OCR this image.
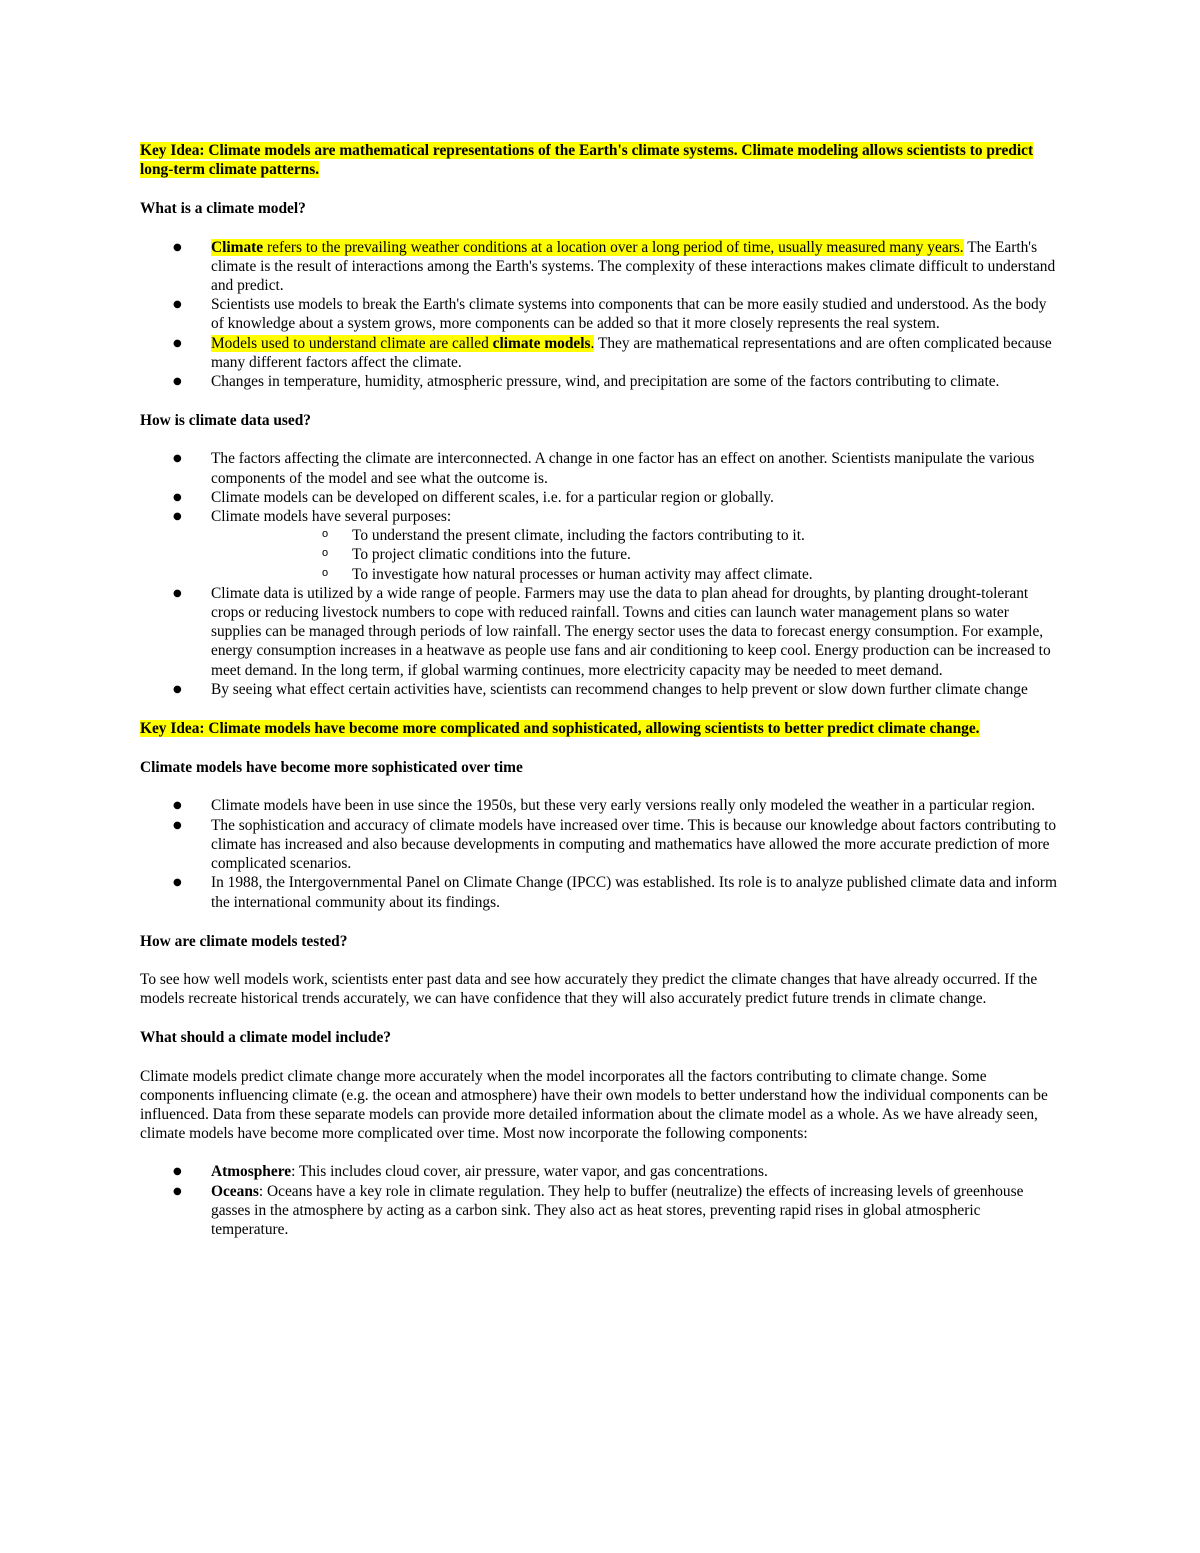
Key Idea: Climate models are mathematical representations of the Earth's climate systems. Climate modeling allows scientists to predict long-term climate patterns.

What is a climate model?

● Climate refers to the prevailing weather conditions at a location over a long period of time, usually measured many years. The Earth's climate is the result of interactions among the Earth's systems. The complexity of these interactions makes climate difficult to understand and predict.
● Scientists use models to break the Earth's climate systems into components that can be more easily studied and understood. As the body of knowledge about a system grows, more components can be added so that it more closely represents the real system.
● Models used to understand climate are called climate models. They are mathematical representations and are often complicated because many different factors affect the climate.
● Changes in temperature, humidity, atmospheric pressure, wind, and precipitation are some of the factors contributing to climate.

How is climate data used?

● The factors affecting the climate are interconnected. A change in one factor has an effect on another. Scientists manipulate the various components of the model and see what the outcome is.
● Climate models can be developed on different scales, i.e. for a particular region or globally.
● Climate models have several purposes:
o To understand the present climate, including the factors contributing to it.
o To project climatic conditions into the future.
o To investigate how natural processes or human activity may affect climate.
● Climate data is utilized by a wide range of people. Farmers may use the data to plan ahead for droughts, by planting drought-tolerant crops or reducing livestock numbers to cope with reduced rainfall. Towns and cities can launch water management plans so water supplies can be managed through periods of low rainfall. The energy sector uses the data to forecast energy consumption. For example, energy consumption increases in a heatwave as people use fans and air conditioning to keep cool. Energy production can be increased to meet demand. In the long term, if global warming continues, more electricity capacity may be needed to meet demand.
● By seeing what effect certain activities have, scientists can recommend changes to help prevent or slow down further climate change

Key Idea: Climate models have become more complicated and sophisticated, allowing scientists to better predict climate change.

Climate models have become more sophisticated over time

● Climate models have been in use since the 1950s, but these very early versions really only modeled the weather in a particular region.
● The sophistication and accuracy of climate models have increased over time. This is because our knowledge about factors contributing to climate has increased and also because developments in computing and mathematics have allowed the more accurate prediction of more complicated scenarios.
● In 1988, the Intergovernmental Panel on Climate Change (IPCC) was established. Its role is to analyze published climate data and inform the international community about its findings.

How are climate models tested?

To see how well models work, scientists enter past data and see how accurately they predict the climate changes that have already occurred. If the models recreate historical trends accurately, we can have confidence that they will also accurately predict future trends in climate change.

What should a climate model include?

Climate models predict climate change more accurately when the model incorporates all the factors contributing to climate change. Some components influencing climate (e.g. the ocean and atmosphere) have their own models to better understand how the individual components can be influenced. Data from these separate models can provide more detailed information about the climate model as a whole. As we have already seen, climate models have become more complicated over time. Most now incorporate the following components:

● Atmosphere: This includes cloud cover, air pressure, water vapor, and gas concentrations.
● Oceans: Oceans have a key role in climate regulation. They help to buffer (neutralize) the effects of increasing levels of greenhouse gasses in the atmosphere by acting as a carbon sink. They also act as heat stores, preventing rapid rises in global atmospheric temperature.
